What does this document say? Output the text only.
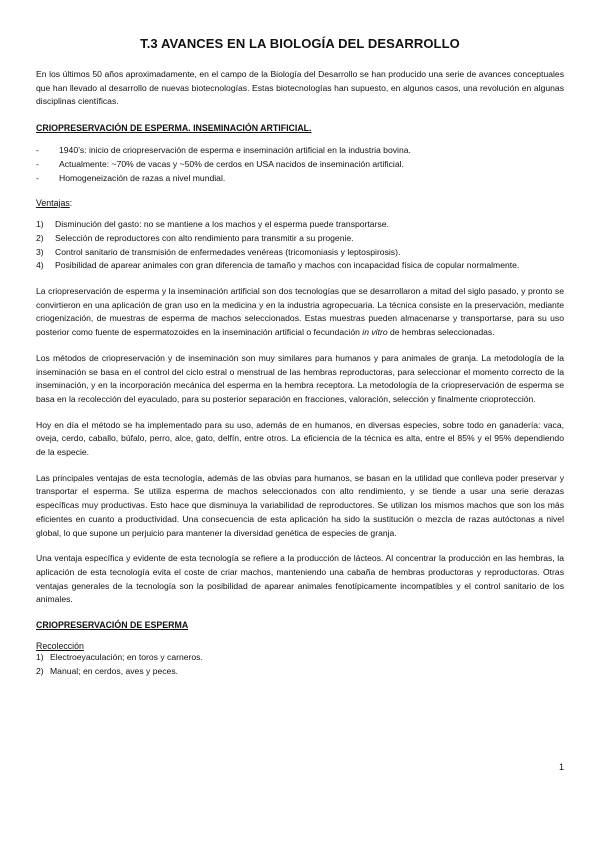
T.3 AVANCES EN LA BIOLOGÍA DEL DESARROLLO

En los últimos 50 años aproximadamente, en el campo de la Biología del Desarrollo se han producido una serie de avances conceptuales que han llevado al desarrollo de nuevas biotecnologías. Estas biotecnologías han supuesto, en algunos casos, una revolución en algunas disciplinas científicas.

CRIOPRESERVACIÓN DE ESPERMA. INSEMINACIÓN ARTIFICIAL.
- 1940’s: inicio de criopreservación de esperma e inseminación artificial en la industria bovina.
- Actualmente: ~70% de vacas y ~50% de cerdos en USA nacidos de inseminación artificial.
- Homogeneización de razas a nivel mundial.
Ventajas:
1) Disminución del gasto: no se mantiene a los machos y el esperma puede transportarse.
2) Selección de reproductores con alto rendimiento para transmitir a su progenie.
3) Control sanitario de transmisión de enfermedades venéreas (tricomoniasis y leptospirosis).
4) Posibilidad de aparear animales con gran diferencia de tamaño y machos con incapacidad física de copular normalmente.

La criopreservación de esperma y la inseminación artificial son dos tecnologías que se desarrollaron a mitad del siglo pasado, y pronto se convirtieron en una aplicación de gran uso en la medicina y en la industria agropecuaria. La técnica consiste en la preservación, mediante criogenización, de muestras de esperma de machos seleccionados. Estas muestras pueden almacenarse y transportarse, para su uso posterior como fuente de espermatozoides en la inseminación artificial o fecundación in vitro de hembras seleccionadas.

Los métodos de criopreservación y de inseminación son muy similares para humanos y para animales de granja. La metodología de la inseminación se basa en el control del ciclo estral o menstrual de las hembras reproductoras, para seleccionar el momento correcto de la inseminación, y en la incorporación mecánica del esperma en la hembra receptora. La metodología de la criopreservación de esperma se basa en la recolección del eyaculado, para su posterior separación en fracciones, valoración, selección y finalmente crioprotección.

Hoy en día el método se ha implementado para su uso, además de en humanos, en diversas especies, sobre todo en ganadería: vaca, oveja, cerdo, caballo, búfalo, perro, alce, gato, delfín, entre otros. La eficiencia de la técnica es alta, entre el 85% y el 95% dependiendo de la especie.

Las principales ventajas de esta tecnología, además de las obvias para humanos, se basan en la utilidad que conlleva poder preservar y transportar el esperma. Se utiliza esperma de machos seleccionados con alto rendimiento, y se tiende a usar una serie derazas específicas muy productivas. Esto hace que disminuya la variabilidad de reproductores. Se utilizan los mismos machos que son los más eficientes en cuanto a productividad. Una consecuencia de esta aplicación ha sido la sustitución o mezcla de razas autóctonas a nivel global, lo que supone un perjuicio para mantener la diversidad genética de especies de granja.

Una ventaja específica y evidente de esta tecnología se refiere a la producción de lácteos. Al concentrar la producción en las hembras, la aplicación de esta tecnología evita el coste de criar machos, manteniendo una cabaña de hembras productoras y reproductoras. Otras ventajas generales de la tecnología son la posibilidad de aparear animales fenotípicamente incompatibles y el control sanitario de los animales.

CRIOPRESERVACIÓN DE ESPERMA
Recolección
1) Electroeyaculación; en toros y carneros.
2) Manual; en cerdos, aves y peces.
1
